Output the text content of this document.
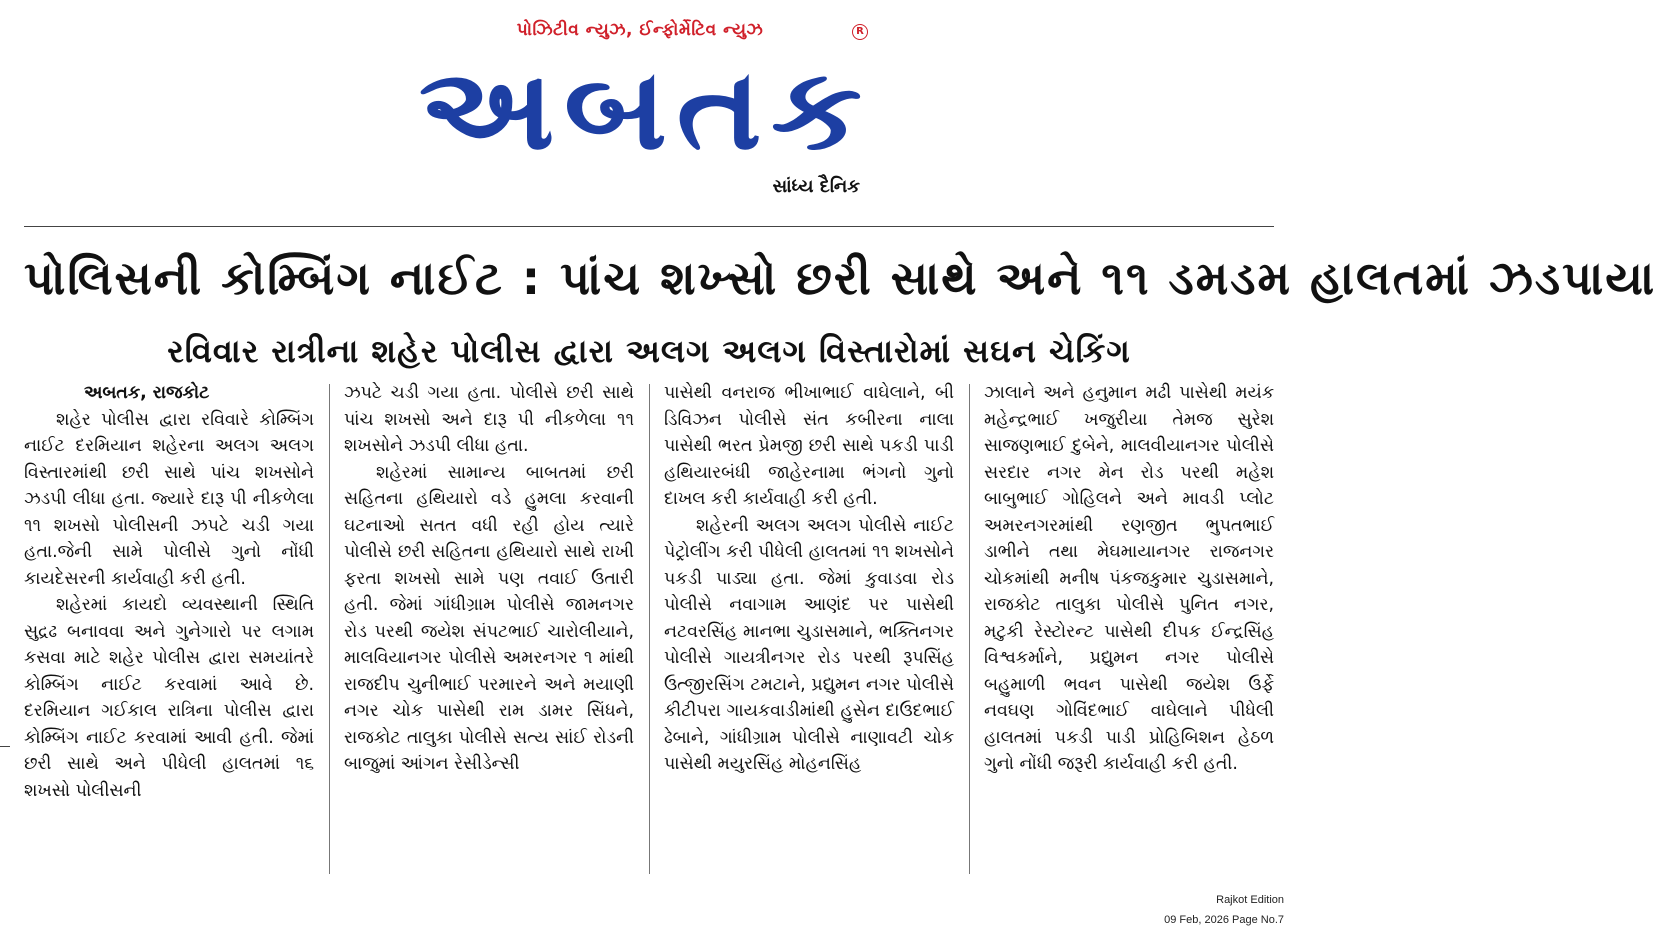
પોઝિટીવ ન્યુઝ, ઈન્ફોર્મેટિવ ન્યુઝ	R
અબતક
સાંધ્ય દૈનિક
પોલિસની કોમ્બિંગ નાઈટ : પાંચ શખ્સો છરી સાથે અને ૧૧ ડમડમ હાલતમાં ઝડપાયા
રવિવાર રાત્રીના શહેર પોલીસ દ્વારા અલગ અલગ વિસ્તારોમાં સઘન ચેકિંગ

અબતક, રાજકોટ

શહેર પોલીસ દ્વારા રવિવારે કોમ્બિંગ નાઈટ દરમિયાન શહેરના અલગ અલગ વિસ્તારમાંથી છરી સાથે પાંચ શખસોને ઝડપી લીધા હતા. જ્યારે દારૂ પી નીકળેલા ૧૧ શખસો પોલીસની ઝપટે ચડી ગયા હતા.જેની સામે પોલીસે ગુનો નોંધી કાયદેસરની કાર્યવાહી કરી હતી.

શહેરમાં કાયદો વ્યવસ્થાની સ્થિતિ સુદ્રઢ બનાવવા અને ગુનેગારો પર લગામ કસવા માટે શહેર પોલીસ દ્વારા સમયાંતરે કોમ્બિંગ નાઈટ કરવામાં આવે છે. દરમિયાન ગઈકાલ રાત્રિના પોલીસ દ્વારા કોમ્બિંગ નાઈટ કરવામાં આવી હતી. જેમાં છરી સાથે અને પીધેલી હાલતમાં ૧૬ શખસો પોલીસની

ઝપટે ચડી ગયા હતા. પોલીસે છરી સાથે પાંચ શખસો અને દારૂ પી નીકળેલા ૧૧ શખસોને ઝડપી લીધા હતા.

શહેરમાં સામાન્ય બાબતમાં છરી સહિતના હથિયારો વડે હુમલા કરવાની ઘટનાઓ સતત વધી રહી હોય ત્યારે પોલીસે છરી સહિતના હથિયારો સાથે રાખી ફરતા શખસો સામે પણ તવાઈ ઉતારી હતી. જેમાં ગાંધીગ્રામ પોલીસે જામનગર રોડ પરથી જયેશ સંપટભાઈ ચારોલીયાને, માલવિયાનગર પોલીસે અમરનગર ૧ માંથી રાજદીપ ચુનીભાઈ પરમારને અને મયાણી નગર ચોક પાસેથી રામ ડામર સિંધને, રાજકોટ તાલુકા પોલીસે સત્ય સાંઈ રોડની બાજુમાં આંગન રેસીડેન્સી

પાસેથી વનરાજ ભીખાભાઈ વાઘેલાને, બી ડિવિઝન પોલીસે સંત કબીરના નાલા પાસેથી ભરત પ્રેમજી છરી સાથે પકડી પાડી હથિયારબંધી જાહેરનામા ભંગનો ગુનો દાખલ કરી કાર્યવાહી કરી હતી.

શહેરની અલગ અલગ પોલીસે નાઈટ પેટ્રોલીંગ કરી પીધેલી હાલતમાં ૧૧ શખસોને પકડી પાડ્યા હતા. જેમાં કુવાડવા રોડ પોલીસે નવાગામ આણંદ પર પાસેથી નટવરસિંહ માનભા ચુડાસમાને, ભક્તિનગર પોલીસે ગાયત્રીનગર રોડ પરથી રૂપસિંહ ઉત્જીરસિંગ ટમટાને, પ્રદ્યુમન નગર પોલીસે કીટીપરા ગાયકવાડીમાંથી હુસેન દાઉદભાઈ ઢેબાને, ગાંધીગ્રામ પોલીસે નાણાવટી ચોક પાસેથી મયુરસિંહ મોહનસિંહ

ઝાલાને અને હનુમાન મઢી પાસેથી મયંક મહેન્દ્રભાઈ ખજુરીયા તેમજ સુરેશ સાજણભાઈ દુબેને, માલવીયાનગર પોલીસે સરદાર નગર મેન રોડ પરથી મહેશ બાબુભાઈ ગોહિલને અને માવડી પ્લોટ અમરનગરમાંથી રણજીત ભુપતભાઈ ડાભીને તથા મેઘમાયાનગર રાજનગર ચોકમાંથી મનીષ પંકજકુમાર ચુડાસમાને, રાજકોટ તાલુકા પોલીસે પુનિત નગર, મટુકી રેસ્ટોરન્ટ પાસેથી દીપક ઈન્દ્રસિંહ વિશ્વકર્માને, પ્રદ્યુમન નગર પોલીસે બહુમાળી ભવન પાસેથી જયેશ ઉર્ફે નવઘણ ગોવિંદભાઈ વાઘેલાને પીધેલી હાલતમાં પકડી પાડી પ્રોહિબિશન હેઠળ ગુનો નોંધી જરૂરી કાર્યવાહી કરી હતી.

Rajkot Edition
09 Feb, 2026 Page No.7
